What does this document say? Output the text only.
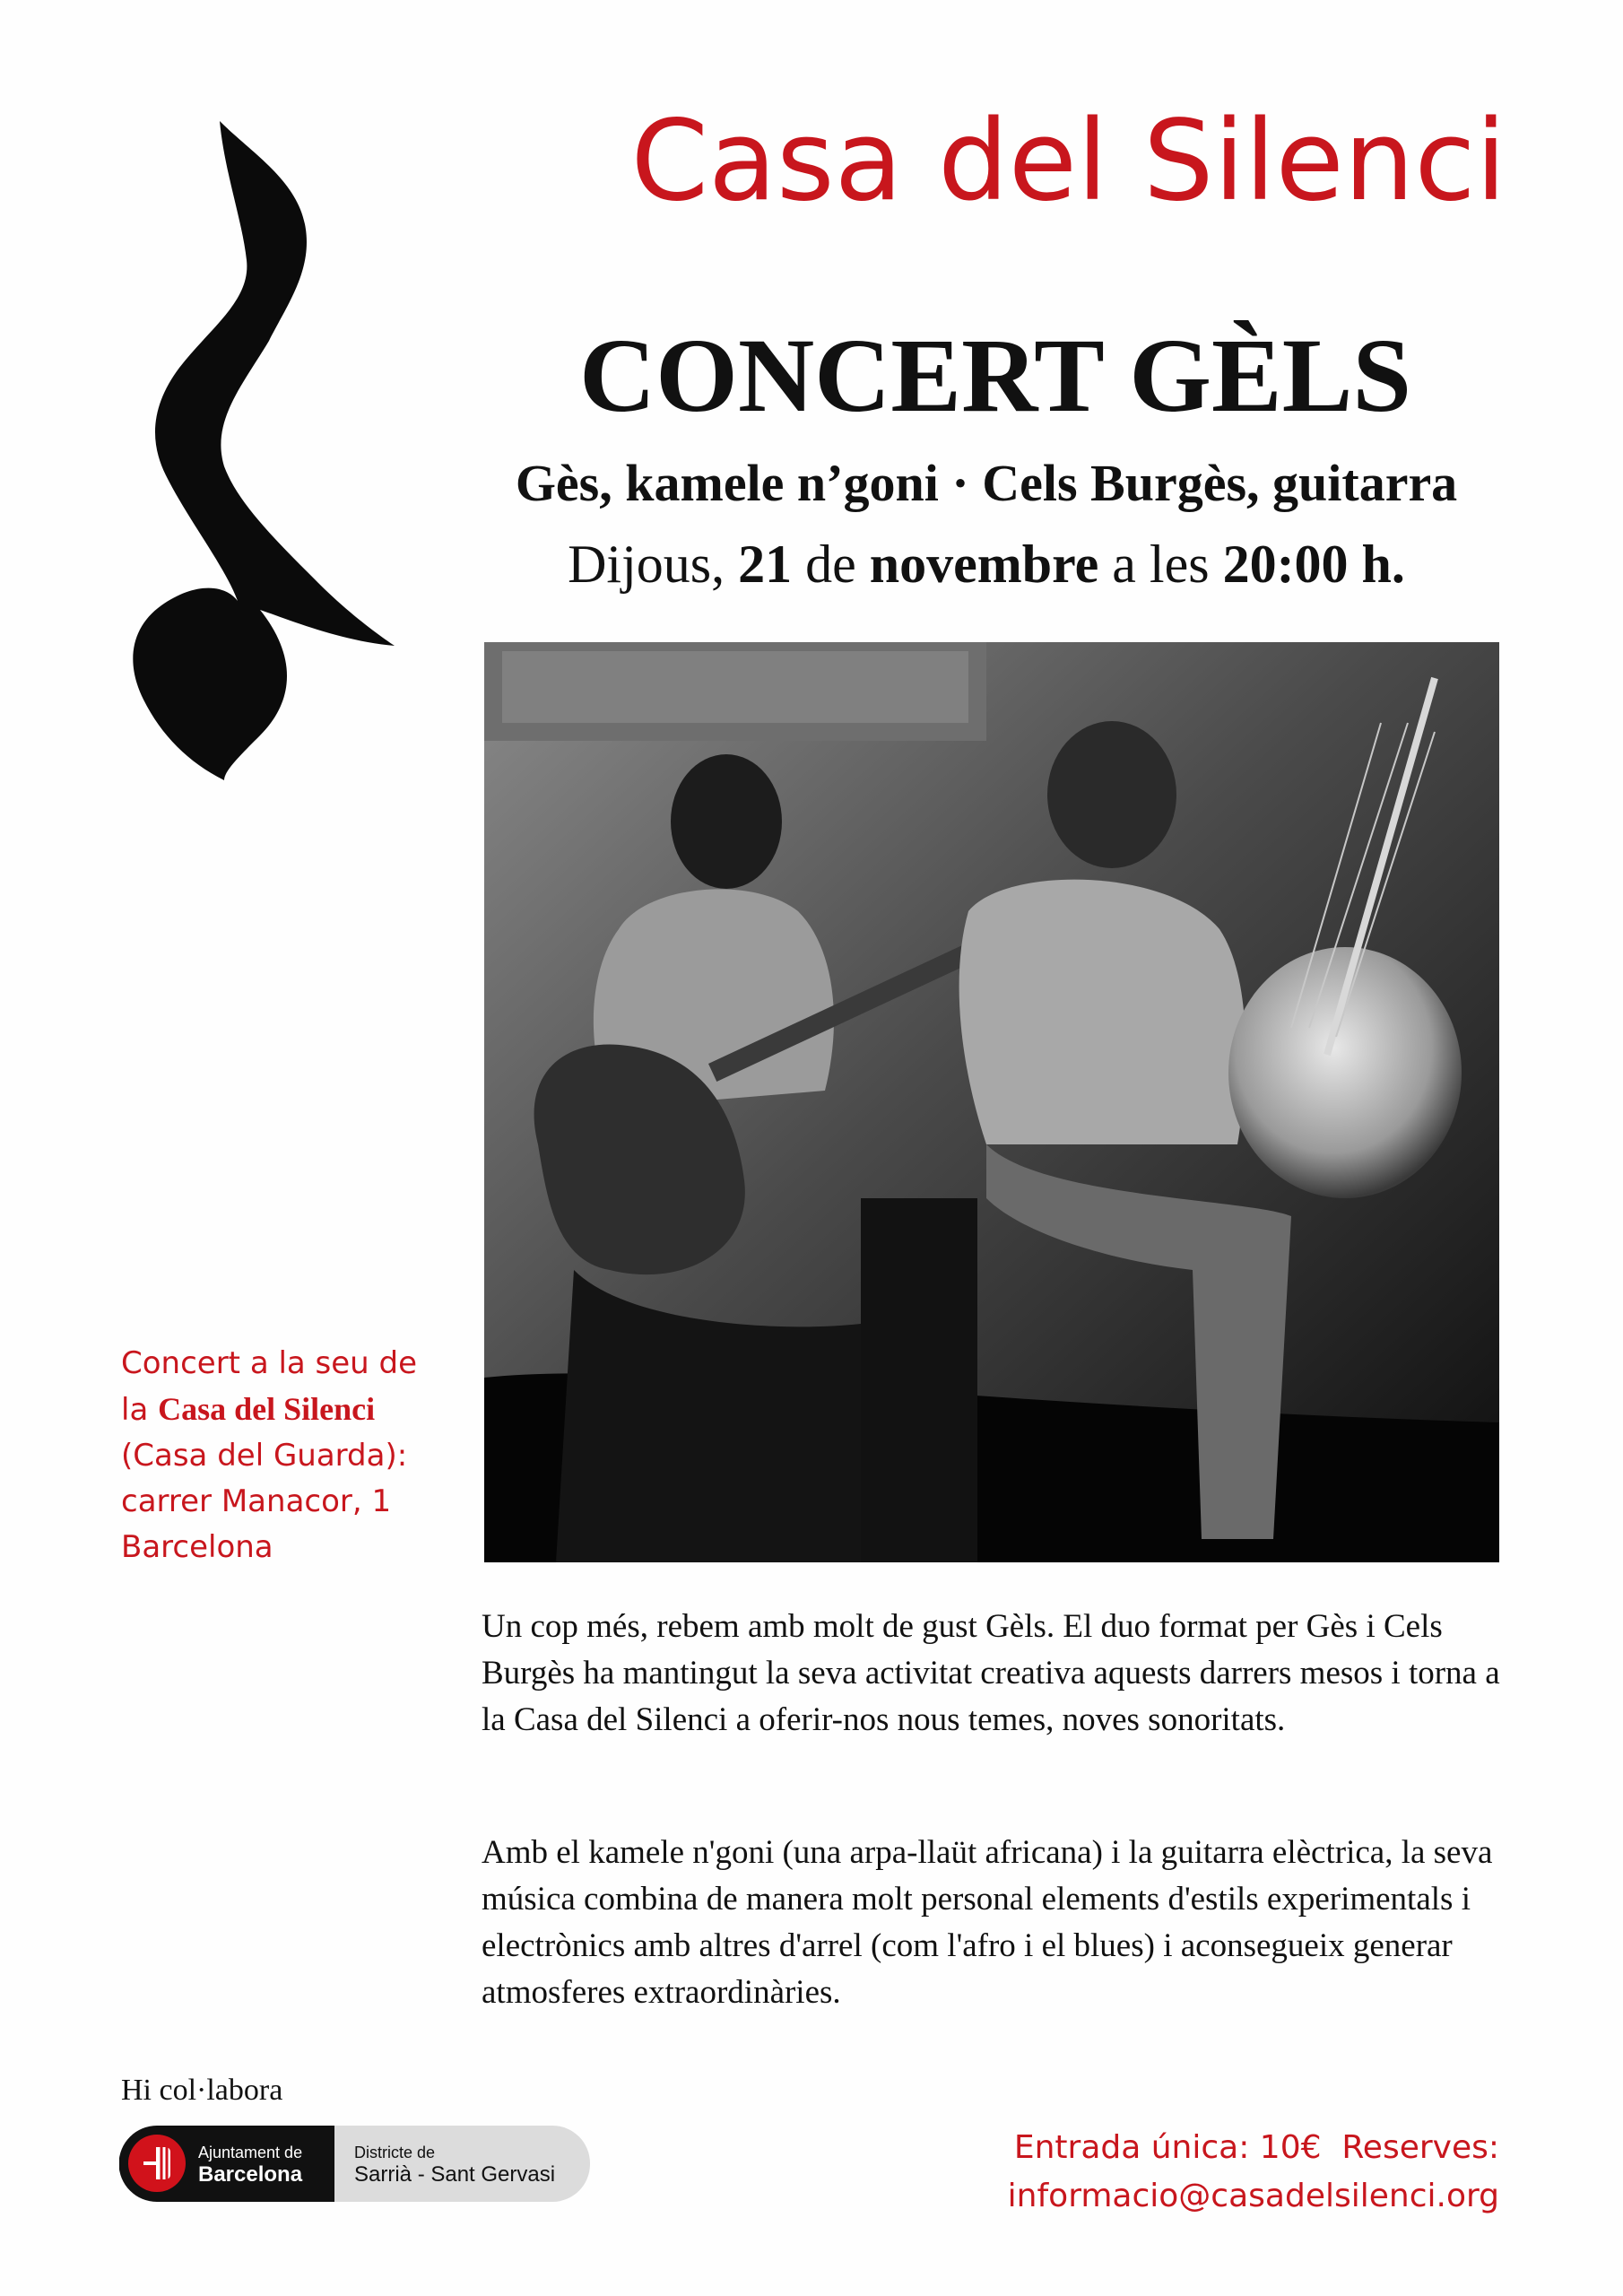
Casa del Silenci
CONCERT GÈLS
Gès, kamele n’goni · Cels Burgès, guitarra
Dijous, 21 de novembre a les 20:00 h.
Concert a la seu de
la Casa del Silenci
(Casa del Guarda):
carrer Manacor, 1
Barcelona

Un cop més, rebem amb molt de gust Gèls. El duo format per Gès i Cels Burgès ha mantingut la seva activitat creativa aquests darrers mesos i torna a la Casa del Silenci a oferir-nos nous temes, noves sonoritats.

Amb el kamele n'goni (una arpa-llaüt africana) i la guitarra elèctrica, la seva música combina de manera molt personal elements d'estils experimentals i electrònics amb altres d'arrel (com l'afro i el blues) i aconsegueix generar atmosferes extraordinàries.

Hi col·labora
Ajuntament de
Barcelona
Districte de
Sarrià - Sant Gervasi
Entrada única: 10€  Reserves:
informacio@casadelsilenci.org
